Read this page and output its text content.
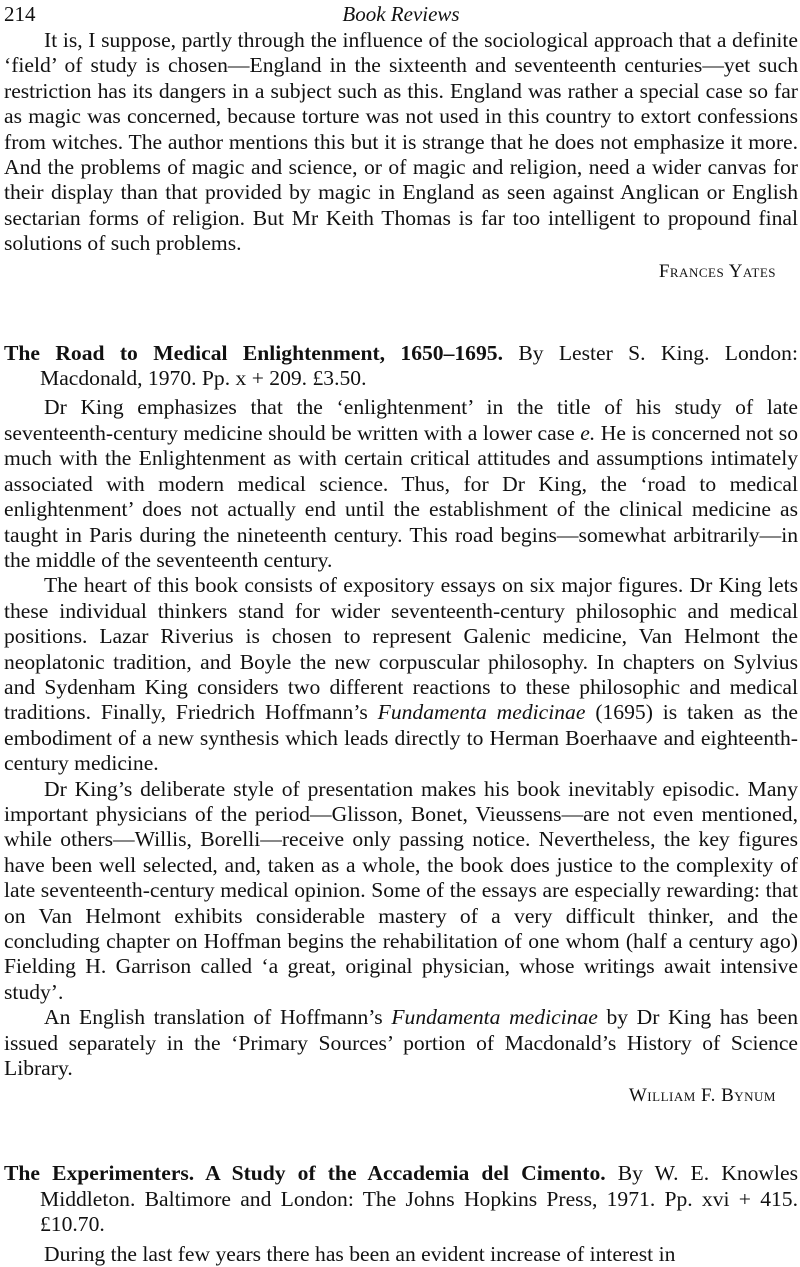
214	Book Reviews

It is, I suppose, partly through the influence of the sociological approach that a definite ‘field’ of study is chosen—England in the sixteenth and seventeenth centuries—yet such restriction has its dangers in a subject such as this. England was rather a special case so far as magic was concerned, because torture was not used in this country to extort confessions from witches. The author mentions this but it is strange that he does not emphasize it more. And the problems of magic and science, or of magic and religion, need a wider canvas for their display than that provided by magic in England as seen against Anglican or English sectarian forms of religion. But Mr Keith Thomas is far too intelligent to propound final solutions of such problems.

Frances Yates
The Road to Medical Enlightenment, 1650–1695. By Lester S. King. London: Macdonald, 1970. Pp. x + 209. £3.50.

Dr King emphasizes that the ‘enlightenment’ in the title of his study of late seventeenth-century medicine should be written with a lower case e. He is concerned not so much with the Enlightenment as with certain critical attitudes and assumptions intimately associated with modern medical science. Thus, for Dr King, the ‘road to medical enlightenment’ does not actually end until the establishment of the clinical medicine as taught in Paris during the nineteenth century. This road begins—somewhat arbitrarily—in the middle of the seventeenth century.

The heart of this book consists of expository essays on six major figures. Dr King lets these individual thinkers stand for wider seventeenth-century philosophic and medical positions. Lazar Riverius is chosen to represent Galenic medicine, Van Helmont the neoplatonic tradition, and Boyle the new corpuscular philosophy. In chapters on Sylvius and Sydenham King considers two different reactions to these philosophic and medical traditions. Finally, Friedrich Hoffmann’s Fundamenta medicinae (1695) is taken as the embodiment of a new synthesis which leads directly to Herman Boerhaave and eighteenth-century medicine.

Dr King’s deliberate style of presentation makes his book inevitably episodic. Many important physicians of the period—Glisson, Bonet, Vieussens—are not even mentioned, while others—Willis, Borelli—receive only passing notice. Nevertheless, the key figures have been well selected, and, taken as a whole, the book does justice to the complexity of late seventeenth-century medical opinion. Some of the essays are especially rewarding: that on Van Helmont exhibits considerable mastery of a very difficult thinker, and the concluding chapter on Hoffman begins the rehabilitation of one whom (half a century ago) Fielding H. Garrison called ‘a great, original physician, whose writings await intensive study’.

An English translation of Hoffmann’s Fundamenta medicinae by Dr King has been issued separately in the ‘Primary Sources’ portion of Macdonald’s History of Science Library.

William F. Bynum
The Experimenters. A Study of the Accademia del Cimento. By W. E. Knowles Middleton. Baltimore and London: The Johns Hopkins Press, 1971. Pp. xvi + 415. £10.70.

During the last few years there has been an evident increase of interest in
